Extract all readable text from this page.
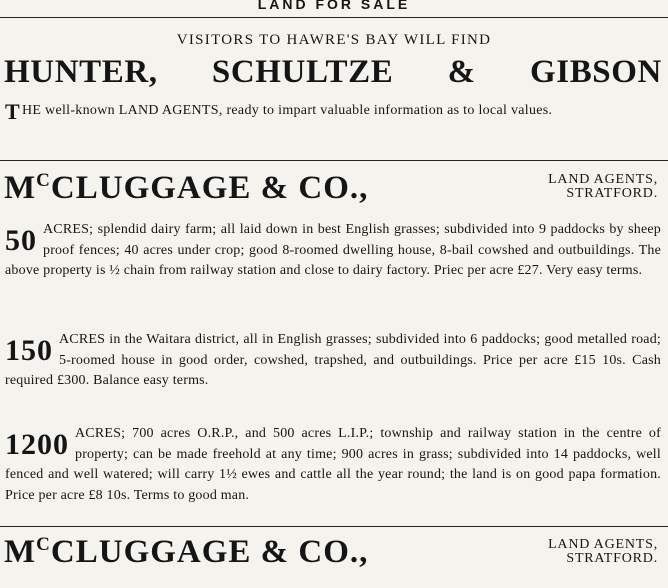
LAND FOR SALE
VISITORS TO HAWRE'S BAY WILL FIND
HUNTER, SCHULTZE & GIBSON
THE well-known LAND AGENTS, ready to impart valuable information as to local values.
$M^CCLUGGAGE$ & CO.,	LAND AGENTS,
STRATFORD.
50 ACRES; splendid dairy farm; all laid down in best English grasses; subdivided into 9 paddocks by sheep proof fences; 40 acres under crop; good 8-roomed dwelling house, 8-bail cowshed and outbuildings. The above property is ½ chain from railway station and close to dairy factory. Priec per acre £27. Very easy terms.
150 ACRES in the Waitara district, all in English grasses; subdivided into 6 paddocks; good metalled road; 5-roomed house in good order, cowshed, trapshed, and outbuildings. Price per acre £15 10s. Cash required £300. Balance easy terms.
1200 ACRES; 700 acres O.R.P., and 500 acres L.I.P.; township and railway station in the centre of property; can be made freehold at any time; 900 acres in grass; subdivided into 14 paddocks, well fenced and well watered; will carry 1½ ewes and cattle all the year round; the land is on good papa formation. Price per acre £8 10s. Terms to good man.
$M^CCLUGGAGE$ & CO.,	LAND AGENTS,
STRATFORD.
